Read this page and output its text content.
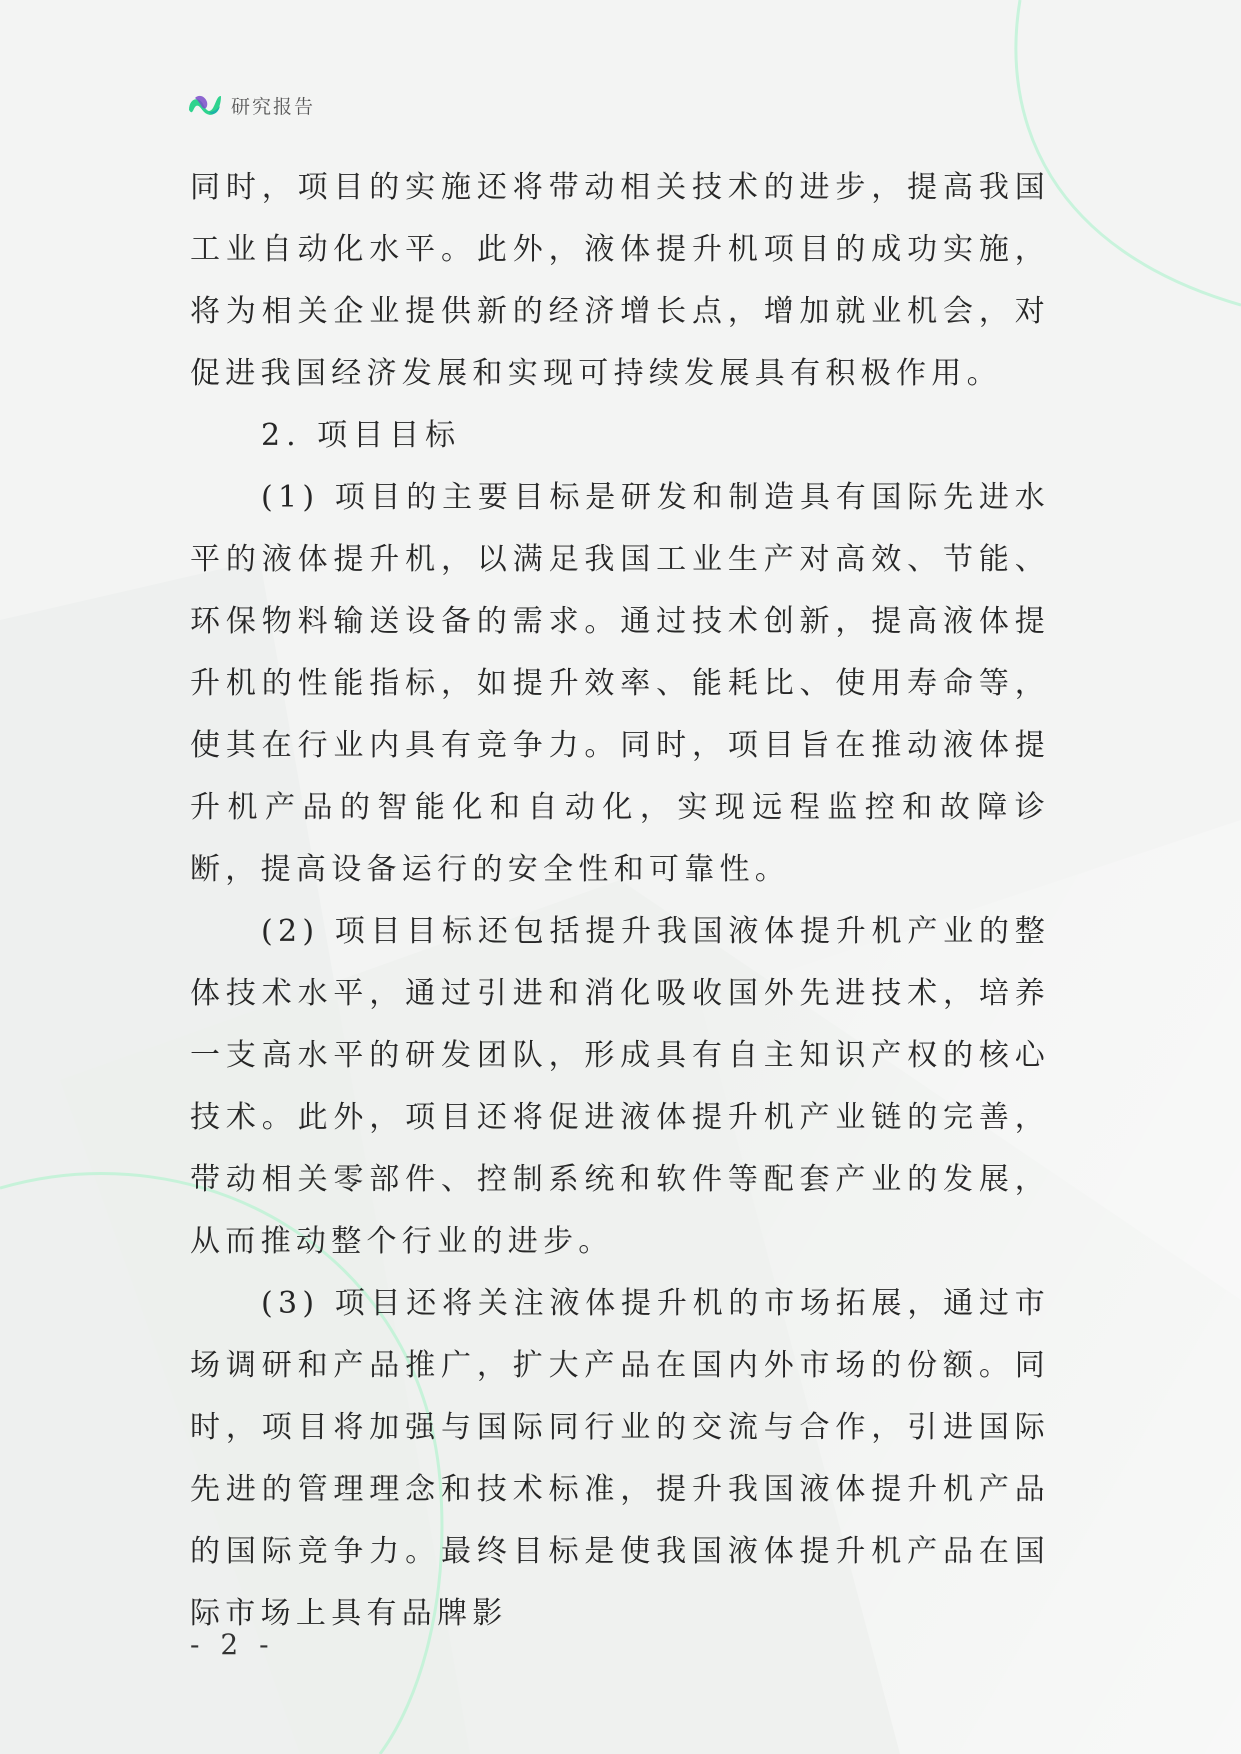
研究报告

同时，项目的实施还将带动相关技术的进步，提高我国工业自动化水平。此外，液体提升机项目的成功实施，将为相关企业提供新的经济增长点，增加就业机会，对促进我国经济发展和实现可持续发展具有积极作用。

2. 项目目标

(1) 项目的主要目标是研发和制造具有国际先进水平的液体提升机，以满足我国工业生产对高效、节能、环保物料输送设备的需求。通过技术创新，提高液体提升机的性能指标，如提升效率、能耗比、使用寿命等，使其在行业内具有竞争力。同时，项目旨在推动液体提升机产品的智能化和自动化，实现远程监控和故障诊断，提高设备运行的安全性和可靠性。

(2) 项目目标还包括提升我国液体提升机产业的整体技术水平，通过引进和消化吸收国外先进技术，培养一支高水平的研发团队，形成具有自主知识产权的核心技术。此外，项目还将促进液体提升机产业链的完善，带动相关零部件、控制系统和软件等配套产业的发展，从而推动整个行业的进步。

(3) 项目还将关注液体提升机的市场拓展，通过市场调研和产品推广，扩大产品在国内外市场的份额。同时，项目将加强与国际同行业的交流与合作，引进国际先进的管理理念和技术标准，提升我国液体提升机产品的国际竞争力。最终目标是使我国液体提升机产品在国际市场上具有品牌影

- 2 -
